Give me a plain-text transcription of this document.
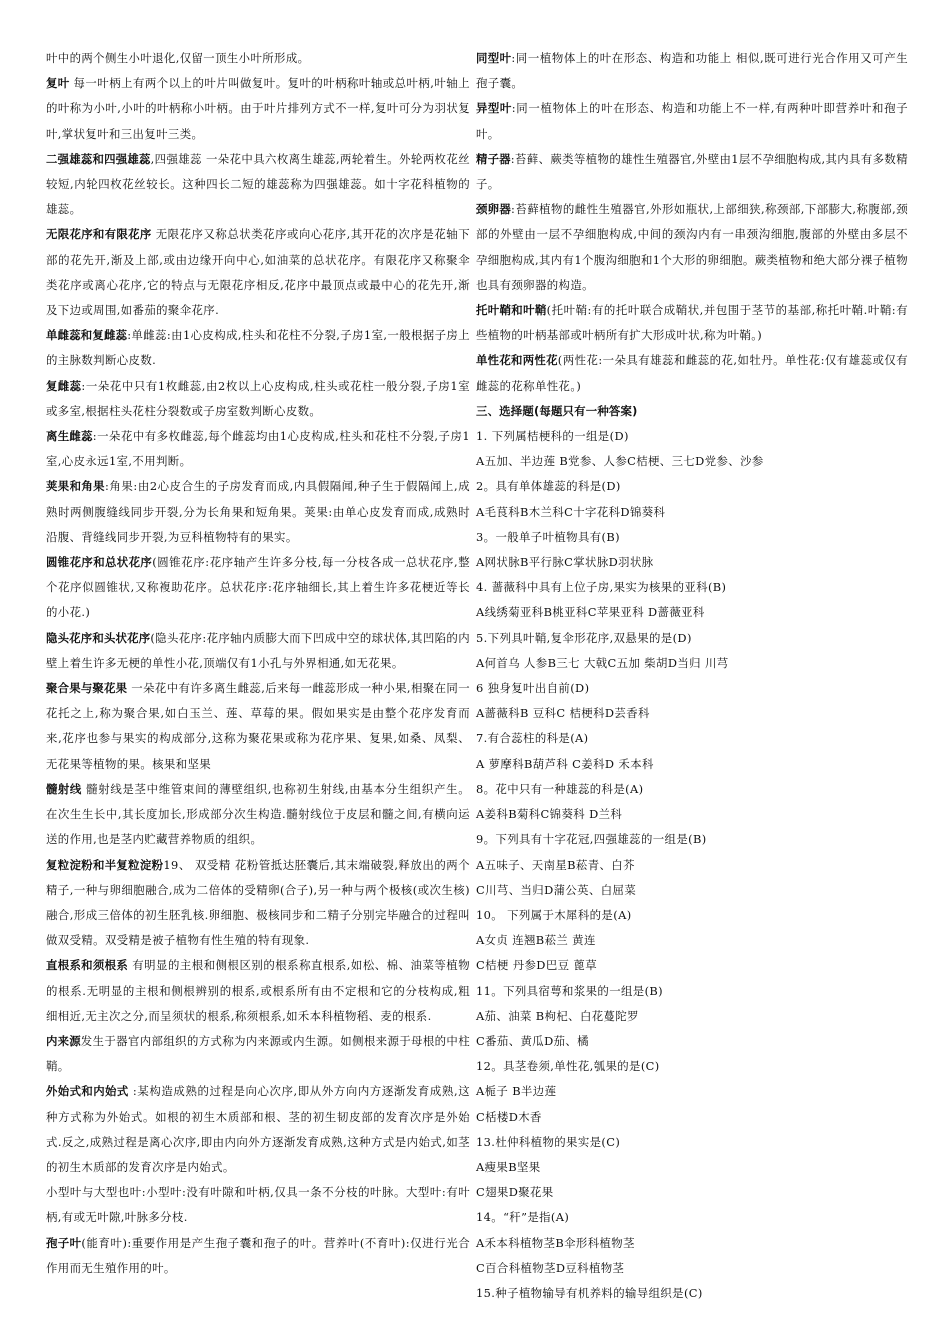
叶中的两个侧生小叶退化,仅留一顶生小叶所形成。

复叶 每一叶柄上有两个以上的叶片叫做复叶。复叶的叶柄称叶轴或总叶柄,叶轴上的叶称为小叶,小叶的叶柄称小叶柄。由于叶片排列方式不一样,复叶可分为羽状复叶,掌状复叶和三出复叶三类。

二强雄蕊和四强雄蕊,四强雄蕊 一朵花中具六枚离生雄蕊,两轮着生。外轮两枚花丝较短,内轮四枚花丝较长。这种四长二短的雄蕊称为四强雄蕊。如十字花科植物的雄蕊。

无限花序和有限花序 无限花序又称总状类花序或向心花序,其开花的次序是花轴下部的花先开,渐及上部,或由边缘开向中心,如油菜的总状花序。有限花序又称聚伞类花序或离心花序,它的特点与无限花序相反,花序中最顶点或最中心的花先开,渐及下边或周围,如番茄的聚伞花序.

单雌蕊和复雌蕊:单雌蕊:由1心皮构成,柱头和花柱不分裂,子房1室,一般根据子房上的主脉数判断心皮数.

复雌蕊:一朵花中只有1枚雌蕊,由2枚以上心皮构成,柱头或花柱一般分裂,子房1室或多室,根据柱头花柱分裂数或子房室数判断心皮数。

离生雌蕊:一朵花中有多枚雌蕊,每个雌蕊均由1心皮构成,柱头和花柱不分裂,子房1室,心皮永远1室,不用判断。

荚果和角果:角果:由2心皮合生的子房发育而成,内具假隔闻,种子生于假隔闻上,成熟时两侧腹缝线同步开裂,分为长角果和短角果。荚果:由单心皮发育而成,成熟时沿腹、背缝线同步开裂,为豆科植物特有的果实。

圆锥花序和总状花序(圆锥花序:花序轴产生许多分枝,每一分枝各成一总状花序,整个花序似圆锥状,又称複助花序。总状花序:花序轴细长,其上着生许多花梗近等长的小花.)

隐头花序和头状花序(隐头花序:花序轴内质膨大而下凹成中空的球状体,其凹陷的内壁上着生许多无梗的单性小花,顶端仅有1小孔与外界相通,如无花果。

聚合果与聚花果 一朵花中有许多离生雌蕊,后来每一雌蕊形成一种小果,相聚在同一花托之上,称为聚合果,如白玉兰、莲、草莓的果。假如果实是由整个花序发育而来,花序也参与果实的构成部分,这称为聚花果或称为花序果、复果,如桑、凤梨、无花果等植物的果。核果和坚果

髓射线 髓射线是茎中维管束间的薄壁组织,也称初生射线,由基本分生组织产生。在次生生长中,其长度加长,形成部分次生构造.髓射线位于皮层和髓之间,有横向运送的作用,也是茎内贮藏营养物质的组织。

复粒淀粉和半复粒淀粉19、 双受精 花粉管抵达胚囊后,其末端破裂,释放出的两个精子,一种与卵细胞融合,成为二倍体的受精卵(合子),另一种与两个极核(或次生核)融合,形成三倍体的初生胚乳核.卵细胞、极核同步和二精子分别完毕融合的过程叫做双受精。双受精是被子植物有性生殖的特有现象.

直根系和须根系 有明显的主根和侧根区别的根系称直根系,如松、棉、油菜等植物的根系.无明显的主根和侧根辨别的根系,或根系所有由不定根和它的分枝构成,粗细相近,无主次之分,而呈须状的根系,称须根系,如禾本科植物稻、麦的根系.

内来源发生于器官内部组织的方式称为内来源或内生源。如侧根来源于母根的中柱鞘。

外始式和内始式 :某构造成熟的过程是向心次序,即从外方向内方逐渐发育成熟,这种方式称为外始式。如根的初生木质部和根、茎的初生韧皮部的发育次序是外始式.反之,成熟过程是离心次序,即由内向外方逐渐发育成熟,这种方式是内始式,如茎的初生木质部的发育次序是内始式。

小型叶与大型也叶:小型叶:没有叶隙和叶柄,仅具一条不分枝的叶脉。大型叶:有叶柄,有或无叶隙,叶脉多分枝.

孢子叶(能育叶):重要作用是产生孢子囊和孢子的叶。营养叶(不育叶):仅进行光合作用而无生殖作用的叶。

同型叶:同一植物体上的叶在形态、构造和功能上 相似,既可进行光合作用又可产生孢子囊。

异型叶:同一植物体上的叶在形态、构造和功能上不一样,有两种叶即营养叶和孢子叶。

精子器:苔藓、蕨类等植物的雄性生殖器官,外壁由1层不孕细胞构成,其内具有多数精子。

颈卵器:苔藓植物的雌性生殖器官,外形如瓶状,上部细狭,称颈部,下部膨大,称腹部,颈部的外壁由一层不孕细胞构成,中间的颈沟内有一串颈沟细胞,腹部的外壁由多层不孕细胞构成,其内有1个腹沟细胞和1个大形的卵细胞。蕨类植物和绝大部分裸子植物也具有颈卵器的构造。

托叶鞘和叶鞘(托叶鞘:有的托叶联合成鞘状,并包围于茎节的基部,称托叶鞘.叶鞘:有些植物的叶柄基部或叶柄所有扩大形成叶状,称为叶鞘。)

单性花和两性花(两性花:一朵具有雄蕊和雌蕊的花,如牡丹。单性花:仅有雄蕊或仅有雌蕊的花称单性花。)

三、选择题(每题只有一种答案)

1. 下列属桔梗科的一组是(D)

A五加、半边莲 B党参、人参C桔梗、三七D党参、沙参

2。具有单体雄蕊的科是(D)

A毛茛科B木兰科C十字花科D锦葵科

3。一般单子叶植物具有(B)

A网状脉B平行脉C掌状脉D羽状脉

4. 蔷薇科中具有上位子房,果实为核果的亚科(B)

A线绣菊亚科B桃亚科C苹果亚科 D蔷薇亚科

5.下列具叶鞘,复伞形花序,双悬果的是(D)

A何首乌 人参B三七 大戟C五加 柴胡D当归 川芎

6 独身复叶出自前(D)

A蔷薇科B 豆科C 桔梗科D芸香科

7.有合蕊柱的科是(A)

A 萝摩科B葫芦科 C姜科D 禾本科

8。花中只有一种雄蕊的科是(A)

A姜科B菊科C锦葵科 D兰科

9。下列具有十字花冠,四强雄蕊的一组是(B)

A五味子、天南星B菘青、白芥

C川芎、当归D蒲公英、白屈菜

10。 下列属于木犀科的是(A)

A女贞 连翘B菘兰 黄连

C桔梗 丹参D巴豆 蓖草

11。下列具宿萼和浆果的一组是(B)

A茄、油菜 B枸杞、白花蔓陀罗

C番茄、黄瓜D茄、橘

12。具茎卷须,单性花,瓠果的是(C)

A栀子 B半边莲

C栝楼D木香

13.杜仲科植物的果实是(C)

A瘦果B坚果

C翅果D聚花果

14。“秆”是指(A)

A禾本科植物茎B伞形科植物茎

C百合科植物茎D豆科植物茎

15.种子植物输导有机养料的输导组织是(C)
